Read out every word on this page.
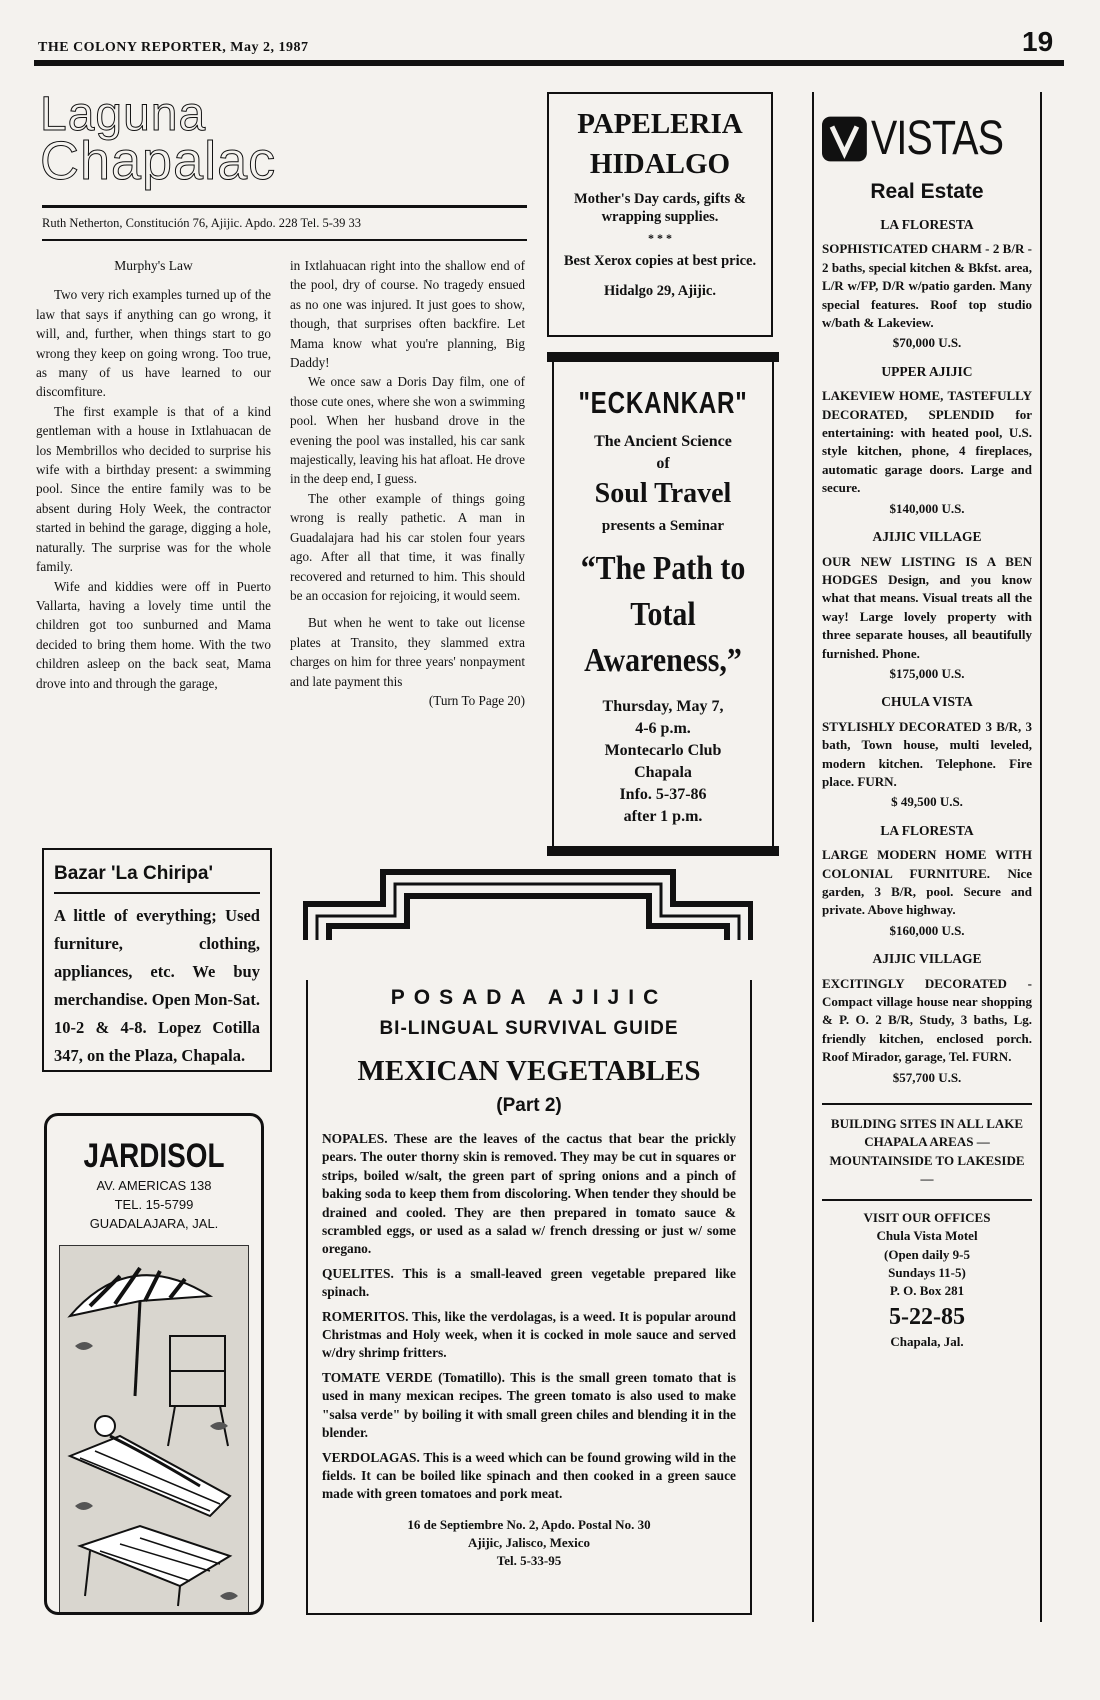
THE COLONY REPORTER, May 2, 1987	19
Laguna
Chapalac
Ruth Netherton, Constitución 76, Ajijic. Apdo. 228 Tel. 5-39 33

Murphy's Law

Two very rich examples turned up of the law that says if anything can go wrong, it will, and, further, when things start to go wrong they keep on going wrong. Too true, as many of us have learned to our discomfiture.

The first example is that of a kind gentleman with a house in Ixtlahuacan de los Membrillos who decided to surprise his wife with a birthday present: a swimming pool. Since the entire family was to be absent during Holy Week, the contractor started in behind the garage, digging a hole, naturally. The surprise was for the whole family.

Wife and kiddies were off in Puerto Vallarta, having a lovely time until the children got too sunburned and Mama decided to bring them home. With the two children asleep on the back seat, Mama drove into and through the garage,

in Ixtlahuacan right into the shallow end of the pool, dry of course. No tragedy ensued as no one was injured. It just goes to show, though, that surprises often backfire. Let Mama know what you're planning, Big Daddy!

We once saw a Doris Day film, one of those cute ones, where she won a swimming pool. When her husband drove in the evening the pool was installed, his car sank majestically, leaving his hat afloat. He drove in the deep end, I guess.

The other example of things going wrong is really pathetic. A man in Guadalajara had his car stolen four years ago. After all that time, it was finally recovered and returned to him. This should be an occasion for rejoicing, it would seem.

But when he went to take out license plates at Transito, they slammed extra charges on him for three years' nonpayment and late payment this

(Turn To Page 20)

PAPELERIA
HIDALGO
Mother's Day cards, gifts & wrapping supplies.
* * *
Best Xerox copies at best price.
Hidalgo 29, Ajijic.
"ECKANKAR"
The Ancient Science
of
Soul Travel
presents a Seminar
“The Path to
Total
Awareness,”
Thursday, May 7,
4-6 p.m.
Montecarlo Club
Chapala
Info. 5-37-86
after 1 p.m.
Bazar 'La Chiripa'
A little of everything; Used furniture, clothing, appliances, etc. We buy merchandise. Open Mon-Sat. 10-2 & 4-8. Lopez Cotilla 347, on the Plaza, Chapala.
JARDISOL
AV. AMERICAS 138
TEL. 15-5799
GUADALAJARA, JAL.
POSADA AJIJIC
BI-LINGUAL SURVIVAL GUIDE
MEXICAN VEGETABLES
(Part 2)

NOPALES. These are the leaves of the cactus that bear the prickly pears. The outer thorny skin is removed. They may be cut in squares or strips, boiled w/salt, the green part of spring onions and a pinch of baking soda to keep them from discoloring. When tender they should be drained and cooled. They are then prepared in tomato sauce & scrambled eggs, or used as a salad w/ french dressing or just w/ some oregano.

QUELITES. This is a small-leaved green vegetable prepared like spinach.

ROMERITOS. This, like the verdolagas, is a weed. It is popular around Christmas and Holy week, when it is cocked in mole sauce and served w/dry shrimp fritters.

TOMATE VERDE (Tomatillo). This is the small green tomato that is used in many mexican recipes. The green tomato is also used to make "salsa verde" by boiling it with small green chiles and blending it in the blender.

VERDOLAGAS. This is a weed which can be found growing wild in the fields. It can be boiled like spinach and then cooked in a green sauce made with green tomatoes and pork meat.

16 de Septiembre No. 2, Apdo. Postal No. 30
Ajijic, Jalisco, Mexico
Tel. 5-33-95
VISTAS
Real Estate

LA FLORESTA

SOPHISTICATED CHARM - 2 B/R - 2 baths, special kitchen & Bkfst. area, L/R w/FP, D/R w/patio garden. Many special features. Roof top studio w/bath & Lakeview.

$70,000 U.S.

UPPER AJIJIC

LAKEVIEW HOME, TASTEFULLY DECORATED, SPLENDID for entertaining: with heated pool, U.S. style kitchen, phone, 4 fireplaces, automatic garage doors. Large and secure.

$140,000 U.S.

AJIJIC VILLAGE

OUR NEW LISTING IS A BEN HODGES Design, and you know what that means. Visual treats all the way! Large lovely property with three separate houses, all beautifully furnished. Phone.

$175,000 U.S.

CHULA VISTA

STYLISHLY DECORATED 3 B/R, 3 bath, Town house, multi leveled, modern kitchen. Telephone. Fire place. FURN.

$ 49,500 U.S.

LA FLORESTA

LARGE MODERN HOME WITH COLONIAL FURNITURE. Nice garden, 3 B/R, pool. Secure and private. Above highway.

$160,000 U.S.

AJIJIC VILLAGE

EXCITINGLY DECORATED - Compact village house near shopping & P. O. 2 B/R, Study, 3 baths, Lg. friendly kitchen, enclosed porch. Roof Mirador, garage, Tel. FURN.

$57,700 U.S.

BUILDING SITES IN ALL LAKE CHAPALA AREAS — MOUNTAINSIDE TO LAKESIDE —

VISIT OUR OFFICES

Chula Vista Motel

(Open daily 9-5

Sundays 11-5)

P. O. Box 281

5-22-85

Chapala, Jal.
